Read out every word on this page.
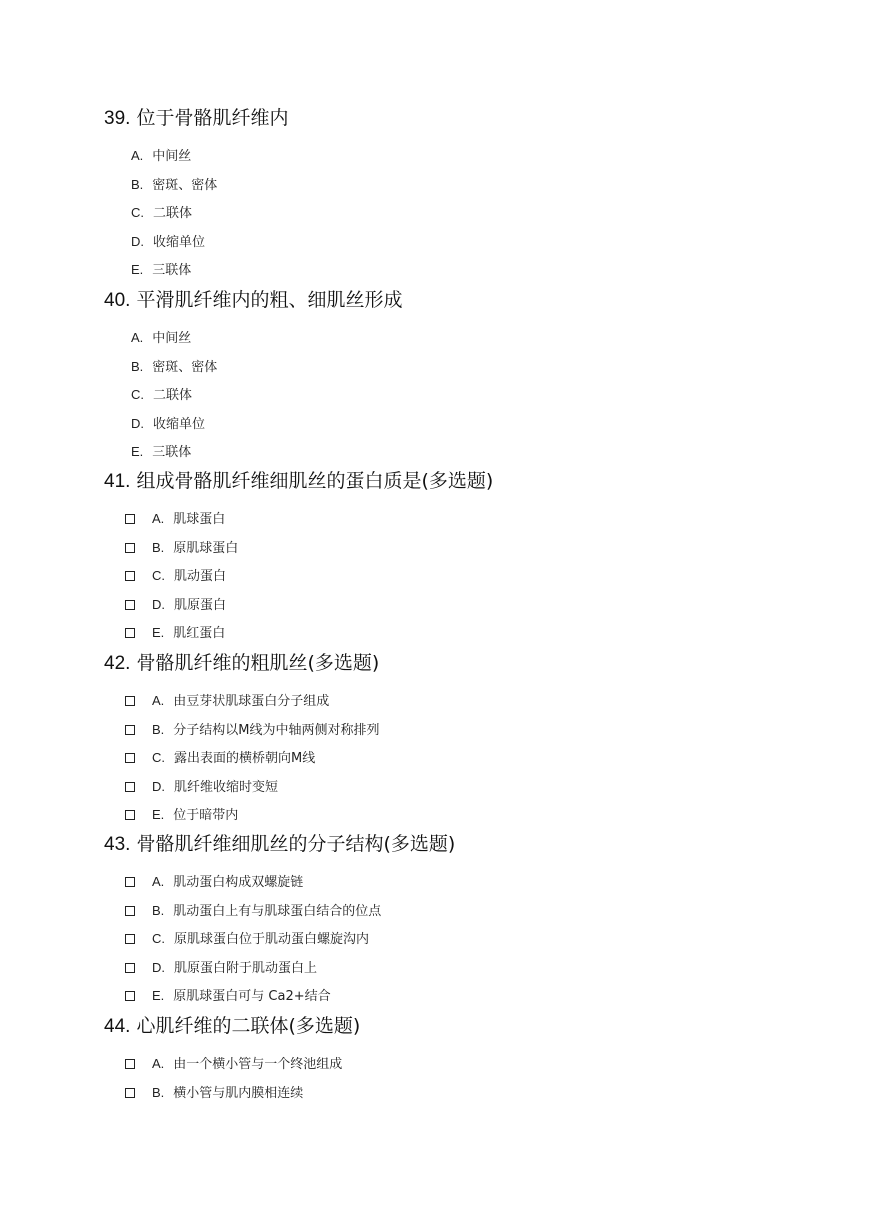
39. 位于骨骼肌纤维内
A. 中间丝
B. 密斑、密体
C. 二联体
D. 收缩单位
E. 三联体
40. 平滑肌纤维内的粗、细肌丝形成
A. 中间丝
B. 密斑、密体
C. 二联体
D. 收缩单位
E. 三联体
41. 组成骨骼肌纤维细肌丝的蛋白质是(多选题)
A. 肌球蛋白
B. 原肌球蛋白
C. 肌动蛋白
D. 肌原蛋白
E. 肌红蛋白
42. 骨骼肌纤维的粗肌丝(多选题)
A. 由豆芽状肌球蛋白分子组成
B. 分子结构以M线为中轴两侧对称排列
C. 露出表面的横桥朝向M线
D. 肌纤维收缩时变短
E. 位于暗带内
43. 骨骼肌纤维细肌丝的分子结构(多选题)
A. 肌动蛋白构成双螺旋链
B. 肌动蛋白上有与肌球蛋白结合的位点
C. 原肌球蛋白位于肌动蛋白螺旋沟内
D. 肌原蛋白附于肌动蛋白上
E. 原肌球蛋白可与 Ca2+结合
44. 心肌纤维的二联体(多选题)
A. 由一个横小管与一个终池组成
B. 横小管与肌内膜相连续
